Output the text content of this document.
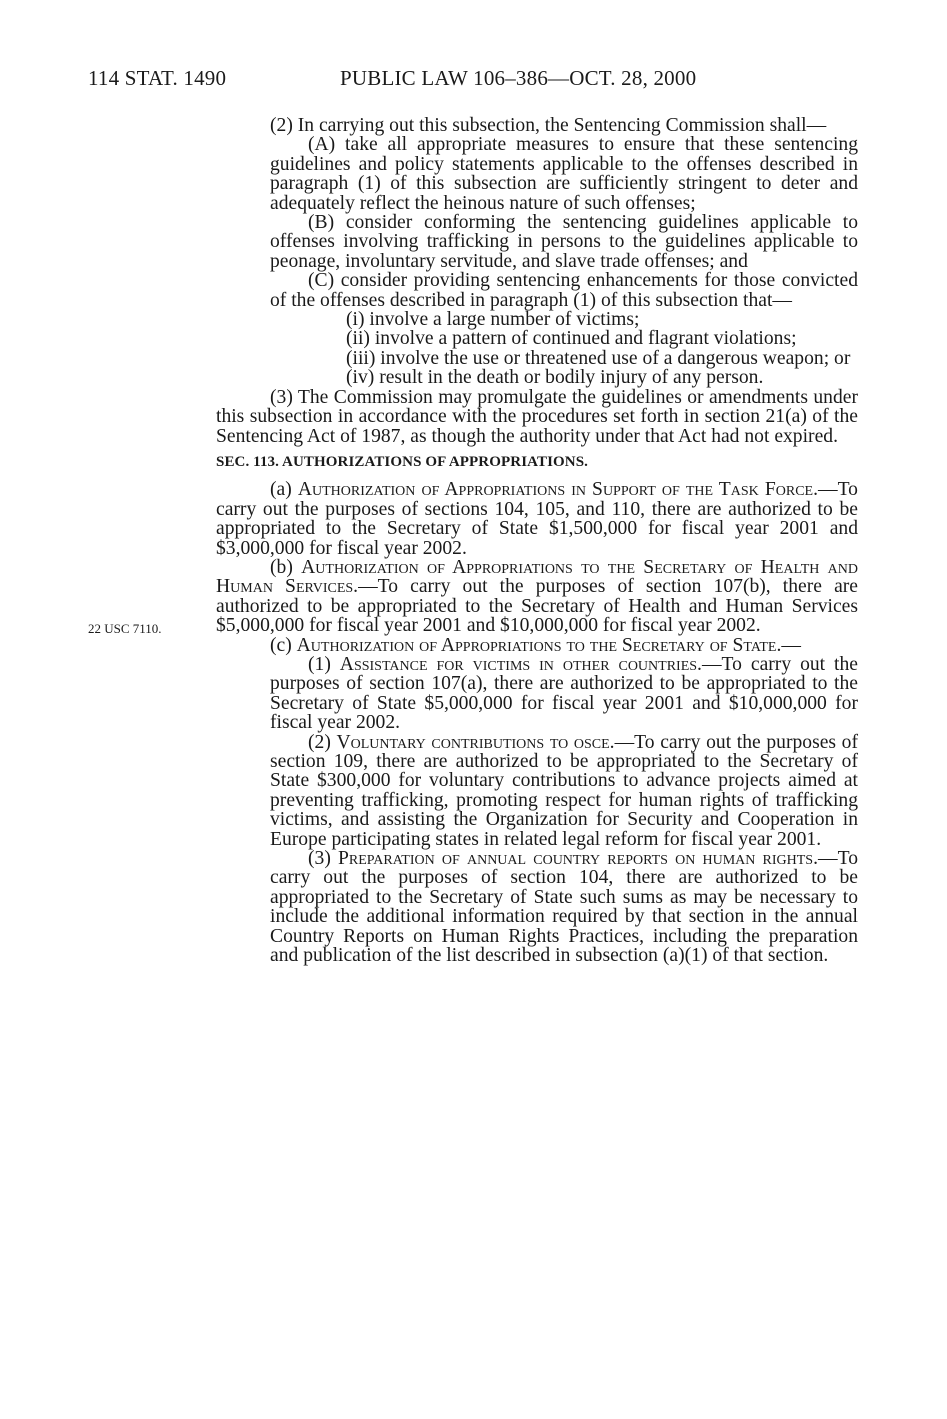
114 STAT. 1490	PUBLIC LAW 106–386—OCT. 28, 2000
22 USC 7110.

(2) In carrying out this subsection, the Sentencing Commission shall—

(A) take all appropriate measures to ensure that these sentencing guidelines and policy statements applicable to the offenses described in paragraph (1) of this subsection are sufficiently stringent to deter and adequately reflect the heinous nature of such offenses;

(B) consider conforming the sentencing guidelines applicable to offenses involving trafficking in persons to the guidelines applicable to peonage, involuntary servitude, and slave trade offenses; and

(C) consider providing sentencing enhancements for those convicted of the offenses described in paragraph (1) of this subsection that—

(i) involve a large number of victims;

(ii) involve a pattern of continued and flagrant violations;

(iii) involve the use or threatened use of a dangerous weapon; or

(iv) result in the death or bodily injury of any person.

(3) The Commission may promulgate the guidelines or amendments under this subsection in accordance with the procedures set forth in section 21(a) of the Sentencing Act of 1987, as though the authority under that Act had not expired.

SEC. 113. AUTHORIZATIONS OF APPROPRIATIONS.

(a) Authorization of Appropriations in Support of the Task Force.—To carry out the purposes of sections 104, 105, and 110, there are authorized to be appropriated to the Secretary of State $1,500,000 for fiscal year 2001 and $3,000,000 for fiscal year 2002.

(b) Authorization of Appropriations to the Secretary of Health and Human Services.—To carry out the purposes of section 107(b), there are authorized to be appropriated to the Secretary of Health and Human Services $5,000,000 for fiscal year 2001 and $10,000,000 for fiscal year 2002.

(c) Authorization of Appropriations to the Secretary of State.—

(1) Assistance for victims in other countries.—To carry out the purposes of section 107(a), there are authorized to be appropriated to the Secretary of State $5,000,000 for fiscal year 2001 and $10,000,000 for fiscal year 2002.

(2) Voluntary contributions to osce.—To carry out the purposes of section 109, there are authorized to be appropriated to the Secretary of State $300,000 for voluntary contributions to advance projects aimed at preventing trafficking, promoting respect for human rights of trafficking victims, and assisting the Organization for Security and Cooperation in Europe participating states in related legal reform for fiscal year 2001.

(3) Preparation of annual country reports on human rights.—To carry out the purposes of section 104, there are authorized to be appropriated to the Secretary of State such sums as may be necessary to include the additional information required by that section in the annual Country Reports on Human Rights Practices, including the preparation and publication of the list described in subsection (a)(1) of that section.
